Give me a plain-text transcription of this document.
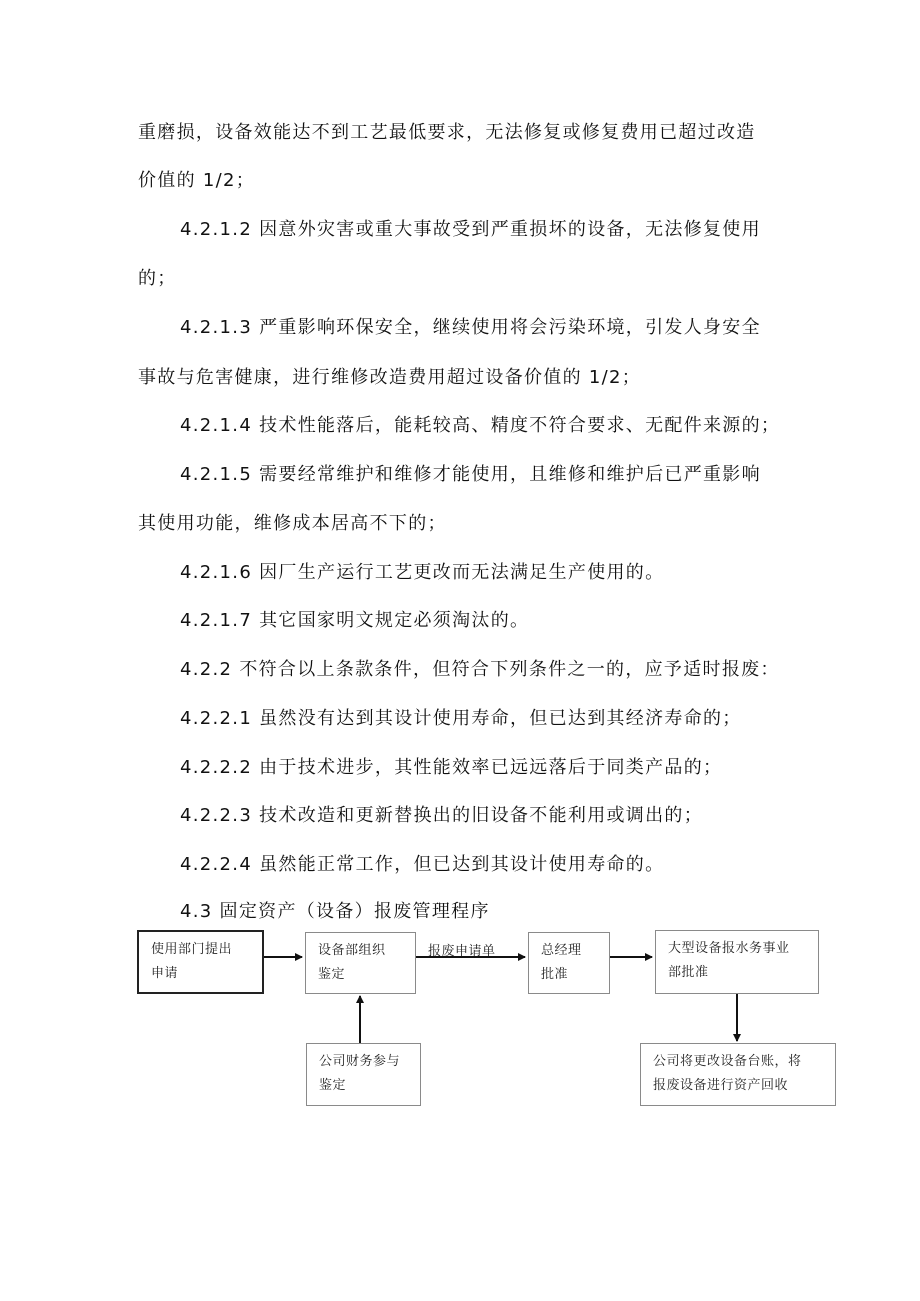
重磨损，设备效能达不到工艺最低要求，无法修复或修复费用已超过改造
价值的 1/2；
4.2.1.2 因意外灾害或重大事故受到严重损坏的设备，无法修复使用
的；
4.2.1.3 严重影响环保安全，继续使用将会污染环境，引发人身安全
事故与危害健康，进行维修改造费用超过设备价值的 1/2；
4.2.1.4 技术性能落后，能耗较高、精度不符合要求、无配件来源的；
4.2.1.5 需要经常维护和维修才能使用，且维修和维护后已严重影响
其使用功能，维修成本居高不下的；
4.2.1.6 因厂生产运行工艺更改而无法满足生产使用的。
4.2.1.7 其它国家明文规定必须淘汰的。
4.2.2 不符合以上条款条件，但符合下列条件之一的，应予适时报废：
4.2.2.1 虽然没有达到其设计使用寿命，但已达到其经济寿命的；
4.2.2.2 由于技术进步，其性能效率已远远落后于同类产品的；
4.2.2.3 技术改造和更新替换出的旧设备不能利用或调出的；
4.2.2.4 虽然能正常工作，但已达到其设计使用寿命的。
4.3 固定资产（设备）报废管理程序
使用部门提出
申请
设备部组织
鉴定
报废申请单	总经理
批准
大型设备报水务事业
部批准
公司财务参与
鉴定
公司将更改设备台账，将
报废设备进行资产回收
